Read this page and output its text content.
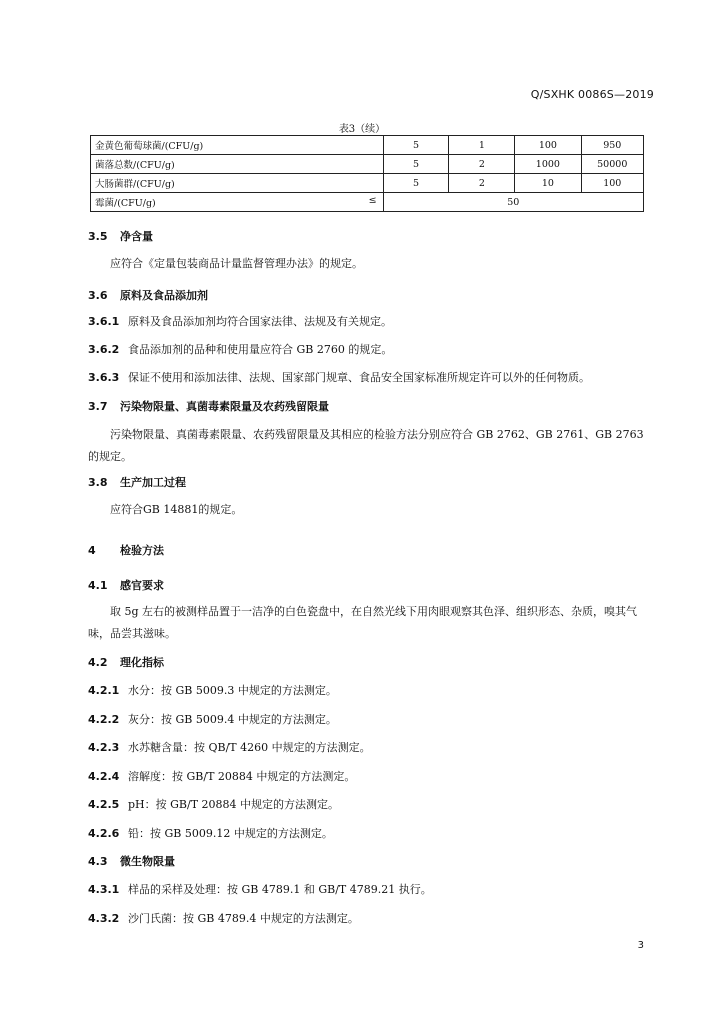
Q/SXHK 0086S—2019
表3（续）
金黄色葡萄球菌/(CFU/g)	5	1	100	950
菌落总数/(CFU/g)	5	2	1000	50000
大肠菌群/(CFU/g)	5	2	10	100
霉菌/(CFU/g) ≤	50			
3.5 净含量
应符合《定量包装商品计量监督管理办法》的规定。
3.6 原料及食品添加剂
3.6.1 原料及食品添加剂均符合国家法律、法规及有关规定。
3.6.2 食品添加剂的品种和使用量应符合 GB 2760 的规定。
3.6.3 保证不使用和添加法律、法规、国家部门规章、食品安全国家标准所规定许可以外的任何物质。
3.7 污染物限量、真菌毒素限量及农药残留限量
污染物限量、真菌毒素限量、农药残留限量及其相应的检验方法分别应符合 GB 2762、GB 2761、GB 2763 的规定。
3.8 生产加工过程
应符合GB 14881的规定。
4 检验方法
4.1 感官要求
取 5g 左右的被测样品置于一洁净的白色瓷盘中，在自然光线下用肉眼观察其色泽、组织形态、杂质，嗅其气味，品尝其滋味。
4.2 理化指标
4.2.1 水分：按 GB 5009.3 中规定的方法测定。
4.2.2 灰分：按 GB 5009.4 中规定的方法测定。
4.2.3 水苏糖含量：按 QB/T 4260 中规定的方法测定。
4.2.4 溶解度：按 GB/T 20884 中规定的方法测定。
4.2.5 pH：按 GB/T 20884 中规定的方法测定。
4.2.6 铅：按 GB 5009.12 中规定的方法测定。
4.3 微生物限量
4.3.1 样品的采样及处理：按 GB 4789.1 和 GB/T 4789.21 执行。
4.3.2 沙门氏菌：按 GB 4789.4 中规定的方法测定。
3
